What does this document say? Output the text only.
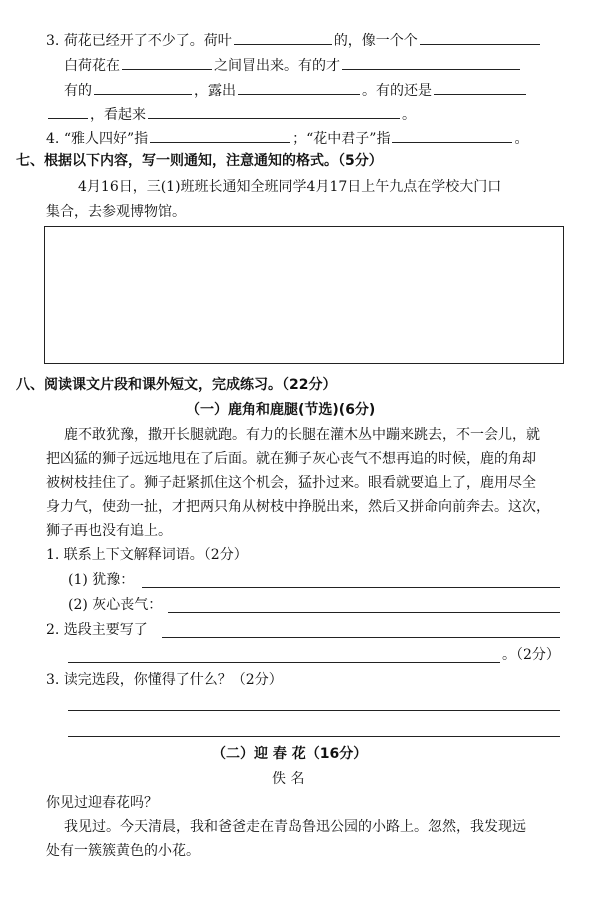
3. 荷花已经开了不少了。荷叶	的，像一个个
白荷花在	之间冒出来。有的才
有的	，露出	。有的还是
，看起来	。
4. “雅人四好”指	；“花中君子”指	。
七、根据以下内容，写一则通知，注意通知的格式。（5分）
4月16日，三(1)班班长通知全班同学4月17日上午九点在学校大门口
集合，去参观博物馆。
八、阅读课文片段和课外短文，完成练习。（22分）
（一）鹿角和鹿腿(节选)(6分)
鹿不敢犹豫，撒开长腿就跑。有力的长腿在灌木丛中蹦来跳去，不一会儿，就
把凶猛的狮子远远地甩在了后面。就在狮子灰心丧气不想再追的时候，鹿的角却
被树枝挂住了。狮子赶紧抓住这个机会，猛扑过来。眼看就要追上了，鹿用尽全
身力气，使劲一扯，才把两只角从树枝中挣脱出来，然后又拼命向前奔去。这次，
狮子再也没有追上。
1. 联系上下文解释词语。（2分）
(1) 犹豫：
(2) 灰心丧气：
2. 选段主要写了
。（2分）
3. 读完选段，你懂得了什么？（2分）
（二）迎 春 花（16分）
佚 名
你见过迎春花吗？
我见过。今天清晨，我和爸爸走在青岛鲁迅公园的小路上。忽然，我发现远
处有一簇簇黄色的小花。
